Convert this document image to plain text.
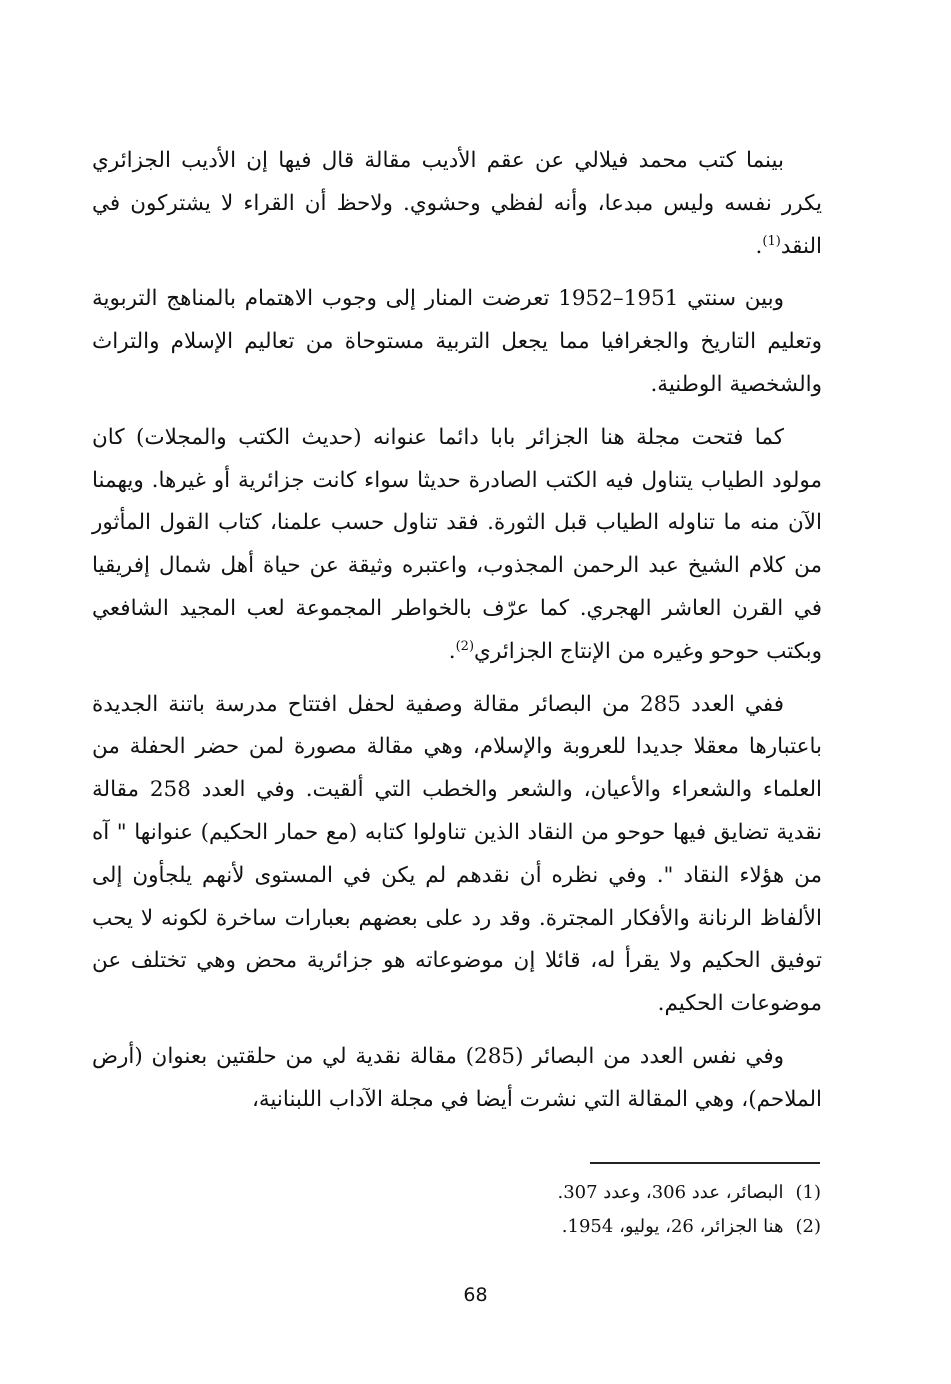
بينما كتب محمد فيلالي عن عقم الأديب مقالة قال فيها إن الأديب الجزائري يكرر نفسه وليس مبدعا، وأنه لفظي وحشوي. ولاحظ أن القراء لا يشتركون في النقد$^{(1)}$.

وبين سنتي 1951–1952 تعرضت المنار إلى وجوب الاهتمام بالمناهج التربوية وتعليم التاريخ والجغرافيا مما يجعل التربية مستوحاة من تعاليم الإسلام والتراث والشخصية الوطنية.

كما فتحت مجلة هنا الجزائر بابا دائما عنوانه (حديث الكتب والمجلات) كان مولود الطياب يتناول فيه الكتب الصادرة حديثا سواء كانت جزائرية أو غيرها. ويهمنا الآن منه ما تناوله الطياب قبل الثورة. فقد تناول حسب علمنا، كتاب القول المأثور من كلام الشيخ عبد الرحمن المجذوب، واعتبره وثيقة عن حياة أهل شمال إفريقيا في القرن العاشر الهجري. كما عرّف بالخواطر المجموعة لعب المجيد الشافعي وبكتب حوحو وغيره من الإنتاج الجزائري$^{(2)}$.

ففي العدد 285 من البصائر مقالة وصفية لحفل افتتاح مدرسة باتنة الجديدة باعتبارها معقلا جديدا للعروبة والإسلام، وهي مقالة مصورة لمن حضر الحفلة من العلماء والشعراء والأعيان، والشعر والخطب التي ألقيت. وفي العدد 258 مقالة نقدية تضايق فيها حوحو من النقاد الذين تناولوا كتابه (مع حمار الحكيم) عنوانها " آه من هؤلاء النقاد ". وفي نظره أن نقدهم لم يكن في المستوى لأنهم يلجأون إلى الألفاظ الرنانة والأفكار المجترة. وقد رد على بعضهم بعبارات ساخرة لكونه لا يحب توفيق الحكيم ولا يقرأ له، قائلا إن موضوعاته هو جزائرية محض وهي تختلف عن موضوعات الحكيم.

وفي نفس العدد من البصائر (285) مقالة نقدية لي من حلقتين بعنوان (أرض الملاحم)، وهي المقالة التي نشرت أيضا في مجلة الآداب اللبنانية،

(1)
البصائر، عدد 306، وعدد 307.
(2)
هنا الجزائر، 26، يوليو، 1954.
68
